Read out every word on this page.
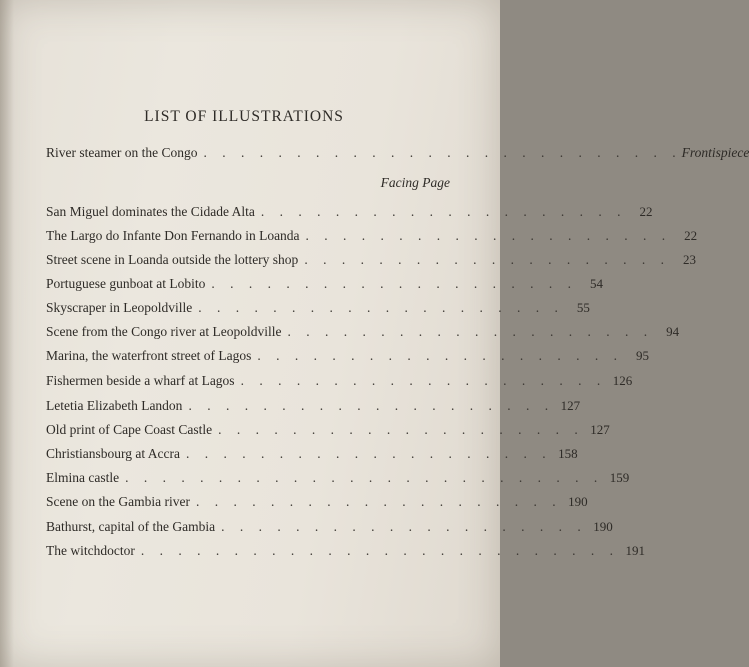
LIST OF ILLUSTRATIONS
River steamer on the Congo . . . . . . . . . . . . . . . . . . . . . . . . . . Frontispiece
Facing Page
San Miguel dominates the Cidade Alta . . . . . . . . . . . . . . . . . . . .	22
The Largo do Infante Don Fernando in Loanda . . . . . . . . . . . . . . . . . . . .	22
Street scene in Loanda outside the lottery shop . . . . . . . . . . . . . . . . . . . .	23
Portuguese gunboat at Lobito . . . . . . . . . . . . . . . . . . . .	54
Skyscraper in Leopoldville . . . . . . . . . . . . . . . . . . . .	55
Scene from the Congo river at Leopoldville . . . . . . . . . . . . . . . . . . . .	94
Marina, the waterfront street of Lagos . . . . . . . . . . . . . . . . . . . .	95
Fishermen beside a wharf at Lagos . . . . . . . . . . . . . . . . . . . . 126
Letetia Elizabeth Landon . . . . . . . . . . . . . . . . . . . . 127
Old print of Cape Coast Castle . . . . . . . . . . . . . . . . . . . . 127
Christiansbourg at Accra . . . . . . . . . . . . . . . . . . . . 158
Elmina castle . . . . . . . . . . . . . . . . . . . . . . . . . . 159
Scene on the Gambia river . . . . . . . . . . . . . . . . . . . . 190
Bathurst, capital of the Gambia . . . . . . . . . . . . . . . . . . . . 190
The witchdoctor . . . . . . . . . . . . . . . . . . . . . . . . . . 191
